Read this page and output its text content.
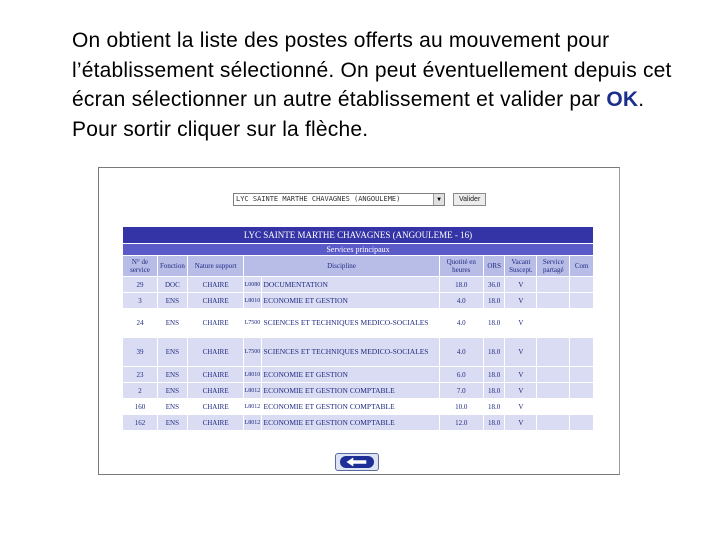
On obtient la liste des postes offerts au mouvement pour l’établissement sélectionné. On peut éventuellement depuis cet écran sélectionner un autre établissement et valider par OK. Pour sortir cliquer sur la flèche.

LYC SAINTE MARTHE CHAVAGNES (ANGOULEME)	▼	Valider
LYC SAINTE MARTHE CHAVAGNES (ANGOULEME - 16)									
Services principaux									
N° de service	Fonction	Nature support	Discipline		Quotité en heures	ORS	Vacant Suscept.	Service partagé	Com
29	DOC	CHAIRE	L0080	DOCUMENTATION	18.0	36.0	V		
3	ENS	CHAIRE	L8010	ECONOMIE ET GESTION	4.0	18.0	V		
24	ENS	CHAIRE	L7500	SCIENCES ET TECHNIQUES MEDICO-SOCIALES	4.0	18.0	V		
39	ENS	CHAIRE	L7500	SCIENCES ET TECHNIQUES MEDICO-SOCIALES	4.0	18.0	V		
23	ENS	CHAIRE	L8010	ECONOMIE ET GESTION	6.0	18.0	V		
2	ENS	CHAIRE	L8012	ECONOMIE ET GESTION COMPTABLE	7.0	18.0	V		
160	ENS	CHAIRE	L8012	ECONOMIE ET GESTION COMPTABLE	10.0	18.0	V		
162	ENS	CHAIRE	L8012	ECONOMIE ET GESTION COMPTABLE	12.0	18.0	V		
